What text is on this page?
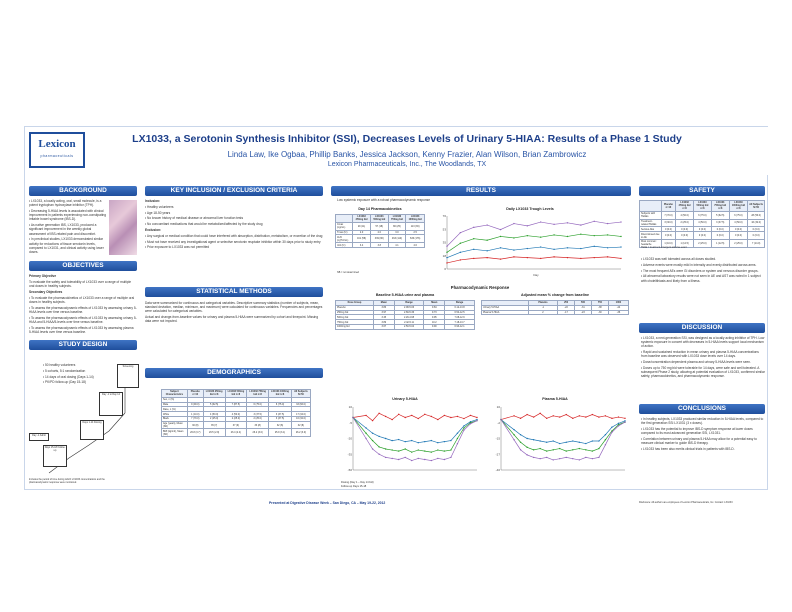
Lexicon
pharmaceuticals
LX1033, a Serotonin Synthesis Inhibitor (SSI), Decreases Levels of Urinary 5-HIAA: Results of a Phase 1 Study
Linda Law, Ike Ogbaa, Phillip Banks, Jessica Jackson, Kenny Frazier, Alan Wilson, Brian Zambrowicz
Lexicon Pharmaceuticals, Inc., The Woodlands, TX
BACKGROUND

• LX1033, a locally acting, oral, small molecule, is a potent tryptophan hydroxylase inhibitor (TPH).

• Decreasing 5-HIAA levels is associated with clinical improvement in patients experiencing non-constipating irritable bowel syndrome (IBS-D).

• As native generation IBS, LX1033, produced a significant improvement in the weekly global assessment of IBS-related pain and discomfort.

• In preclinical studies, LX1033 demonstrated similar activity for reductions of tissue serotonin levels, compared to LX1031, and clinical activity using lower doses.

OBJECTIVES

Primary Objective

To evaluate the safety and tolerability of LX1033 over a range of multiple oral doses in healthy subjects.

Secondary Objectives

• To evaluate the pharmacokinetics of LX1033 over a range of multiple oral doses in healthy subjects.

• To assess the pharmacodynamic effects of LX1033 by assessing urinary 5-HIAA levels over time versus baseline.

• To assess the pharmacodynamic effects of LX1033 by assessing urinary 5-HIAA and 5-HIAA/5-levels over time versus baseline.

• To assess the pharmacodynamic effects of LX1033 by assessing plasma 5-HIAA levels over time versus baseline.

STUDY DESIGN

• 50 healthy volunteers

• 5 cohorts, 5:1 randomization

• 14 days of oral dosing (Days 1-14)

• PK/PD follow-up (Day 15-18)

Screening
Day -1 to Day 14
Days 1-14 Dosing
Days 15-18 Follow-up
Day -1 Admit
Includes the period of time during which LX1033 concentrations and the pharmacodynamic response were monitored.
KEY INCLUSION / EXCLUSION CRITERIA

Inclusion:

• Healthy volunteers

• Age 18-50 years

• No known history of medical disease or abnormal liver function tests

• No concomitant medications that would be metabolized/affected by the study drug

Exclusion:

• Any surgical or medical condition that could have interfered with absorption, distribution, metabolism, or excretion of the drug

• Must not have received any investigational agent or selective serotonin reuptake inhibitor within 30 days prior to study entry

• Prior exposure to LX1033 was not permitted

STATISTICAL METHODS

Data were summarized for continuous and categorical variables. Descriptive summary statistics (number of subjects, mean, standard deviation, median, minimum, and maximum) were calculated for continuous variables. Frequencies and percentages were calculated for categorical variables.

Actual and change-from-baseline values for urinary and plasma 5-HIAA were summarized by cohort and timepoint. Missing data were not imputed.

DEMOGRAPHICS
Subject Characteristics	Placebo n=10	LX1033 250mg bid n=8	LX1033 500mg bid n=8	LX1033 750mg bid n=8	LX1033 1000mg bid n=8	All Subjects N=50
Sex, n (%)						
Male	9 (90.0)	5 (62.5)	7 (87.5)	6 (75.0)	6 (75.0)	33 (66.0)
Race, n (%)						
White	1 (10.0)	4 (50.0)	4 (50.0)	3 (37.5)	3 (37.5)	17 (34.0)
Black	7 (70.0)	2 (25.0)	2 (25.0)	2 (25.0)	3 (37.5)	16 (32.0)
Age (years), Mean (SD)	30 (8)	35 (7)	37 (9)	33 (8)	32 (8)	32 (8)
BMI (kg/m2), Mean (SD)	26.8 (3.7)	26.5 (2.9)	26.4 (2.4)	26.2 (3.0)	25.9 (3.1)	26.2 (3.0)
RESULTS
Low systemic exposure with a robust pharmacodynamic response
Day 14 Pharmacokinetics
	LX1033 250mg bid	LX1033 500mg bid	LX1033 750mg bid	LX1033 1000mg bid
Cmax (ng/mL)	29 (11)	57 (18)	80 (25)	113 (36)
Tmax (hr)	2.0	2.0	3.0	2.5
AUC (ng*hr/mL)	161 (58)	339 (96)	463 (110)	636 (176)
t1/2 (hr)	3.4	3.8	4.1	4.6
NB = not determined
Daily LX1033 Trough Levels
0
18
35
53
70
Day
Pharmacodynamic Response
Baseline 5-HIAA urine and plasma
Dose Group	Mean	Range	Mean	Range
Placebo	3.86	2.08-5.06	9.84	6.12-13.8
250mg bid	3.97	2.69-5.36	9.73	6.54-12.5
500mg bid	3.45	2.29-4.68	9.95	7.08-12.9
750mg bid	3.89	2.42-5.11	10.2	7.18-13.7
1000mg bid	3.67	2.50-5.04	9.90	6.93-12.1
Adjusted mean % change from baseline
	Placebo	250	500	750	1000
Urinary 5-HIAA	-1	-22	-31	-38	-44
Plasma 5-HIAA	2	-17	-23	-30	-36
Urinary 5-HIAA
-50
-35
-20
-5
10
Plasma 5-HIAA
-40
-27
-15
-2
10
Dosing (Day 1 – Day 14 bid)
Follow-up Days 15-18
SAFETY
	Placebo n=10	LX1033 250mg bid n=8	LX1033 500mg bid n=8	LX1033 750mg bid n=8	LX1033 1000mg bid n=8	All Subjects N=50
Subjects with TEAEs	7 (70.0)	4 (50.0)	6 (75.0)	5 (62.5)	6 (75.0)	28 (56.0)
Treatment-related TEAEs	3 (30.0)	2 (25.0)	4 (50.0)	3 (37.5)	4 (50.0)	16 (32.0)
Serious AEs	0 (0.0)	0 (0.0)	0 (0.0)	0 (0.0)	0 (0.0)	0 (0.0)
Discontinued due to AE	0 (0.0)	0 (0.0)	0 (0.0)	0 (0.0)	0 (0.0)	0 (0.0)
Most common: headache	1 (10.0)	1 (12.5)	2 (25.0)	1 (12.5)	2 (25.0)	7 (14.0)
TEAE = treatment-emergent adverse event

• LX1033 was well tolerated across all doses studied.

• Adverse events were mostly mild in intensity and evenly distributed across arms.

• The most frequent AEs were GI disorders or system and nervous disorder groups.

• All abnormal laboratory results were not seen in AE and AST was noted in 1 subject with cholelithiasis and likely from a illness.

DISCUSSION

• LX1033, a next-generation SSI, was designed as a locally acting inhibitor of TPH. Low systemic exposure in concert with decreases in 5-HIAA levels support local mechanism of action.

• Rapid and sustained reduction in mean urinary and plasma 5-HIAA concentrations from baseline was observed with LX1033 dose levels over 14 days.

• Dose/concentration dependent plasma and urinary 5-HIAA levels were seen.

• Doses up to 750 mg bid were tolerable for 14 days, were safe and well tolerated. A subsequent Phase 2 study, allowing at potential evaluation of LX1033, confirmed similar safety, pharmacokinetics, and pharmacodynamic response.

CONCLUSIONS

• In healthy subjects, LX1033 produced similar reduction in 5-HIAA levels, compared to the first generation SSI LX1031 (3 x doses).

• LX1033 has the potential to improve IBS-D symptom response at lower doses compared to its most advanced generation SSI, LX1031.

• Correlation between urinary and plasma 5-HIAA may allow for a potential easy to measure clinical marker to guide IBS-D therapy.

• LX1033 has been also merits clinical trials in patients with IBS-D.

Presented at Digestive Disease Week – San Diego, CA – May 19-22, 2012	Disclosure: All authors are employees of Lexicon Pharmaceuticals, Inc. Contact: LX1033
